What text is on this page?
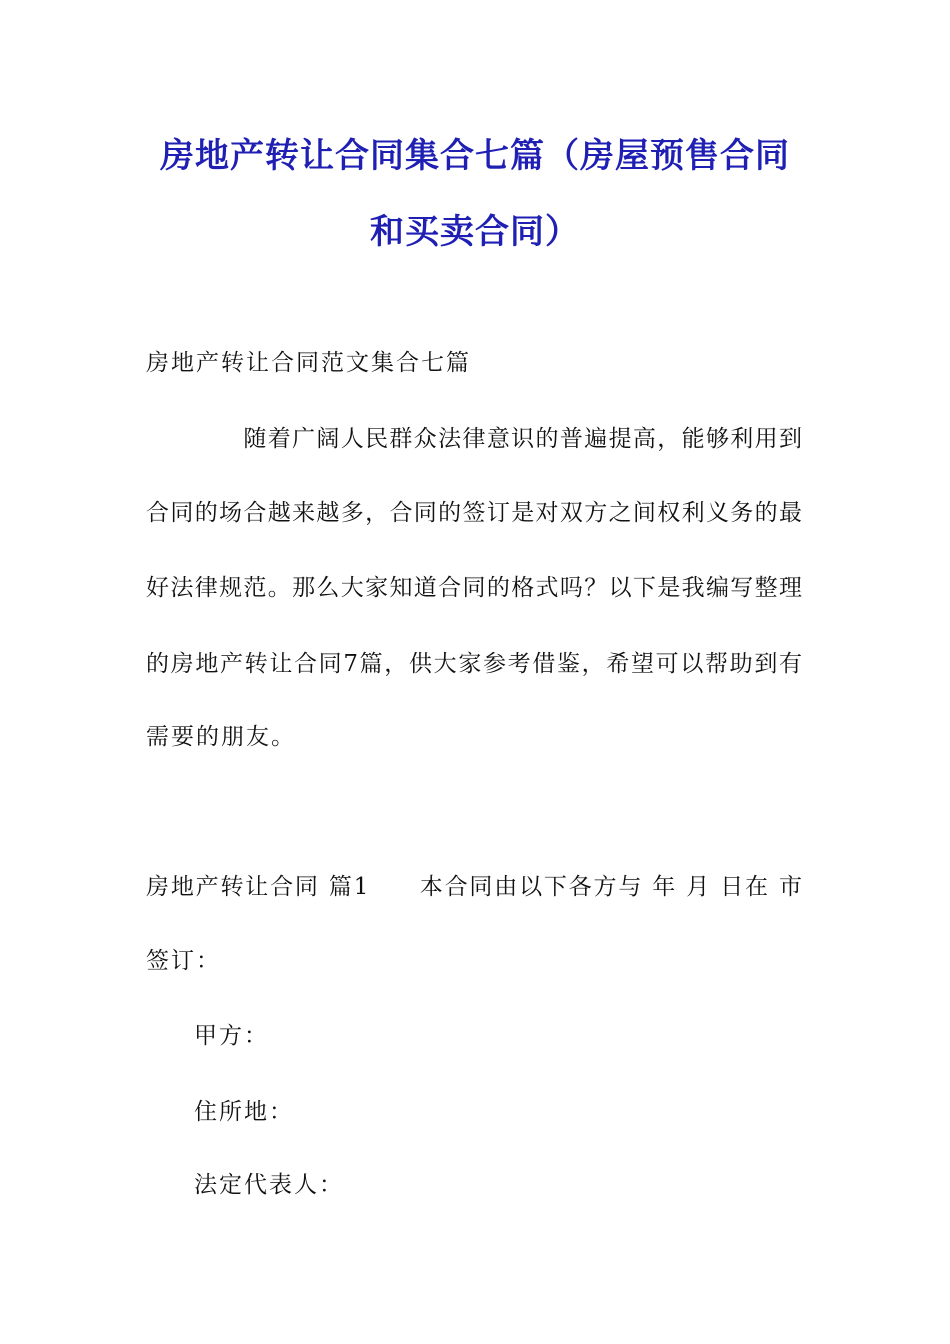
房地产转让合同集合七篇（房屋预售合同
和买卖合同）
房地产转让合同范文集合七篇
随着广阔人民群众法律意识的普遍提高，能够利用到
合同的场合越来越多，合同的签订是对双方之间权利义务的最
好法律规范。那么大家知道合同的格式吗？以下是我编写整理
的房地产转让合同7篇，供大家参考借鉴，希望可以帮助到有
需要的朋友。
房地产转让合同 篇1　　本合同由以下各方与 年 月 日在 市
签订：
甲方：
住所地：
法定代表人：
